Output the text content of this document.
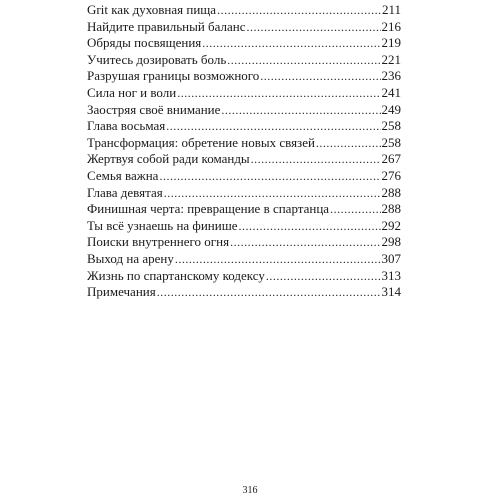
Grit как духовная пища .....	211
Найдите правильный баланс .....	216
Обряды посвящения .....	219
Учитесь дозировать боль .....	221
Разрушая границы возможного .....	236
Сила ног и воли .....	241
Заостряя своё внимание .....	249
Глава восьмая .....	258
Трансформация: обретение новых связей .....	258
Жертвуя собой ради команды .....	267
Семья важна .....	276
Глава девятая .....	288
Финишная черта: превращение в спартанца .....	288
Ты всё узнаешь на финише .....	292
Поиски внутреннего огня .....	298
Выход на арену .....	307
Жизнь по спартанскому кодексу .....	313
Примечания .....	314
316
